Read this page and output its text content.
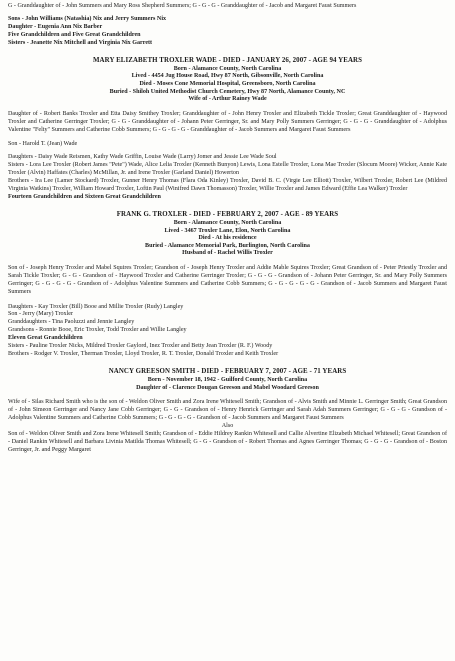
G - Granddaughter of - John Summers and Mary Ross Shepherd Summers; G - G - G - Granddaughter of - Jacob and Margaret Faust Summers

Sons - John Williams (Natashia) Nix and Jerry Summers Nix

Daughter - Eugenia Ann Nix Barber

Five Grandchildren and Five Great Grandchildren

Sisters - Jeanette Nix Mitchell and Virginia Nix Garrett

MARY ELIZABETH TROXLER WADE - DIED - JANUARY 26, 2007 - AGE 94 YEARS

Born - Alamance County, North Carolina

Lived - 4454 Jug House Road, Hwy 87 North, Gibsonville, North Carolina

Died - Moses Cone Memorial Hospital, Greensboro, North Carolina

Buried - Shiloh United Methodist Church Cemetery, Hwy 87 North, Alamance County, NC

Wife of - Arthur Rainey Wade

Daughter of - Robert Banks Troxler and Etta Daisy Smithey Troxler; Granddaughter of - John Henry Troxler and Elizabeth Tickle Troxler; Great Granddaughter of - Haywood Troxler and Catherine Gerringer Troxler; G - G - Granddaughter of - Johann Peter Gerringer, Sr. and Mary Polly Summers Gerringer; G - G - G - Granddaughter of - Adolphus Valentine "Felty" Summers and Catherine Cobb Summers; G - G - G - G - Granddaughter of - Jacob Summers and Margaret Faust Summers

Son - Harold T. (Jean) Wade

Daughters - Daisy Wade Reismen, Kathy Wade Griffin, Louise Wade (Larry) Jomer and Jessie Lee Wade Soul

Sisters - Lora Lee Troxler (Robert James "Pete") Wade, Alice Lelia Troxler (Kenneth Bunyon) Lewis, Lona Estelle Troxler, Lona Mae Troxler (Slocum Moore) Wicker, Annie Kate Troxler (Alvin) Haffates (Charles) McMillan, Jr. and Irene Troxler (Garland Daniel) Howerton

Brothers - Ira Lee (Lamer Stockard) Troxler, Gunner Henry Thomas (Flara Oda Kinley) Troxler, David B. C. (Virgie Lee Elliott) Troxler, Wilbert Troxler, Robert Lee (Mildred Virginia Watkins) Troxler, William Howard Troxler, Loftin Paul (Winifred Dawn Thomasson) Troxler, Willie Troxler and James Edward (Effie Lea Walker) Troxler

Fourteen Grandchildren and Sixteen Great Grandchildren

FRANK G. TROXLER - DIED - FEBRUARY 2, 2007 - AGE - 89 YEARS

Born - Alamance County, North Carolina

Lived - 3467 Troxler Lane, Elon, North Carolina

Died - At his residence

Buried - Alamance Memorial Park, Burlington, North Carolina

Husband of - Rachel Willis Troxler

Son of - Joseph Henry Troxler and Mabel Squires Troxler; Grandson of - Joseph Henry Troxler and Addie Mable Squires Troxler; Great Grandson of - Peter Priestly Troxler and Sarah Tickle Troxler; G - G - Grandson of - Haywood Troxler and Catherine Gerringer Troxler; G - G - G - Grandson of - Johann Peter Gerringer, Sr. and Mary Polly Summers Gerringer; G - G - G - G - Grandson of - Adolphus Valentine Summers and Catherine Cobb Summers; G - G - G - G - G - Grandson of - Jacob Summers and Margaret Faust Summers

Daughters - Kay Troxler (Bill) Booe and Millie Troxler (Rudy) Langley

Son - Jerry (Mary) Troxler

Granddaughters - Tina Paoluzzi and Jennie Langley

Grandsons - Ronnie Booe, Eric Troxler, Todd Troxler and Willie Langley

Eleven Great Grandchildren

Sisters - Pauline Troxler Nicks, Mildred Troxler Gaylord, Inez Troxler and Betty Jean Troxler (R. F.) Woody

Brothers - Rodger V. Troxler, Therman Troxler, Lloyd Troxler, R. T. Troxler, Donald Troxler and Keith Troxler

NANCY GREESON SMITH - DIED - FEBRUARY 7, 2007 - AGE - 71 YEARS

Born - November 18, 1942 - Guilford County, North Carolina

Daughter of - Clarence Dougan Greeson and Mabel Woodard Greeson

Wife of - Silas Richard Smith who is the son of - Weldon Oliver Smith and Zora Irene Whitesell Smith; Grandson of - Alvis Smith and Minnie L. Gerringer Smith; Great Grandson of - John Simeon Gerringer and Nancy Jane Cobb Gerringer; G - G - Grandson of - Henry Henrick Gerringer and Sarah Adah Summers Gerringer; G - G - G - Grandson of - Adolphus Valentine Summers and Catherine Cobb Summers; G - G - G - G - Grandson of - Jacob Summers and Margaret Faust Summers

Also

Son of - Weldon Oliver Smith and Zora Irene Whitesell Smith; Grandson of - Eddie Hildrey Rankin Whitesell and Callie Alvertine Elizabeth Michael Whitesell; Great Grandson of - Daniel Rankin Whitesell and Barbara Livinia Matilda Thomas Whitesell; G - G - Grandson of - Robert Thomas and Agnes Gerringer Thomas; G - G - G - Grandson of - Boston Gerringer, Jr. and Peggy Margaret
